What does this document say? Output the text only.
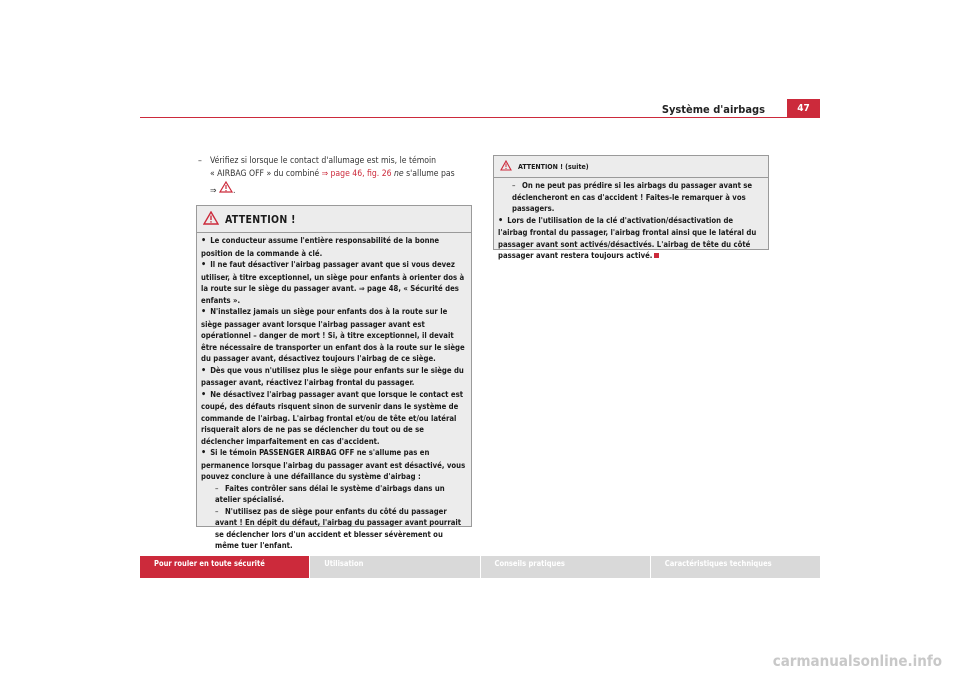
Système d'airbags	47
– Vérifiez si lorsque le contact d'allumage est mis, le témoin
« AIRBAG OFF » du combiné ⇒ page 46, fig. 26 ne s'allume pas
⇒ .
ATTENTION !

• Le conducteur assume l'entière responsabilité de la bonne position de la commande à clé.

• Il ne faut désactiver l'airbag passager avant que si vous devez utiliser, à titre exceptionnel, un siège pour enfants à orienter dos à la route sur le siège du passager avant. ⇒ page 48, « Sécurité des enfants ».

• N'installez jamais un siège pour enfants dos à la route sur le siège passager avant lorsque l'airbag passager avant est opérationnel – danger de mort ! Si, à titre exceptionnel, il devait être nécessaire de transporter un enfant dos à la route sur le siège du passager avant, désactivez toujours l'airbag de ce siège.

• Dès que vous n'utilisez plus le siège pour enfants sur le siège du passager avant, réactivez l'airbag frontal du passager.

• Ne désactivez l'airbag passager avant que lorsque le contact est coupé, des défauts risquent sinon de survenir dans le système de commande de l'airbag. L'airbag frontal et/ou de tête et/ou latéral risquerait alors de ne pas se déclencher du tout ou de se déclencher imparfaitement en cas d'accident.

• Si le témoin PASSENGER AIRBAG OFF ne s'allume pas en permanence lorsque l'airbag du passager avant est désactivé, vous pouvez conclure à une défaillance du système d'airbag :

– Faites contrôler sans délai le système d'airbags dans un atelier spécialisé.

– N'utilisez pas de siège pour enfants du côté du passager avant ! En dépit du défaut, l'airbag du passager avant pourrait se déclencher lors d'un accident et blesser sévèrement ou même tuer l'enfant.

ATTENTION ! (suite)

– On ne peut pas prédire si les airbags du passager avant se déclencheront en cas d'accident ! Faites-le remarquer à vos passagers.

• Lors de l'utilisation de la clé d'activation/désactivation de l'airbag frontal du passager, l'airbag frontal ainsi que le latéral du passager avant sont activés/désactivés. L'airbag de tête du côté passager avant restera toujours activé.

Pour rouler en toute sécurité	Utilisation	Conseils pratiques	Caractéristiques techniques
carmanualsonline.info
